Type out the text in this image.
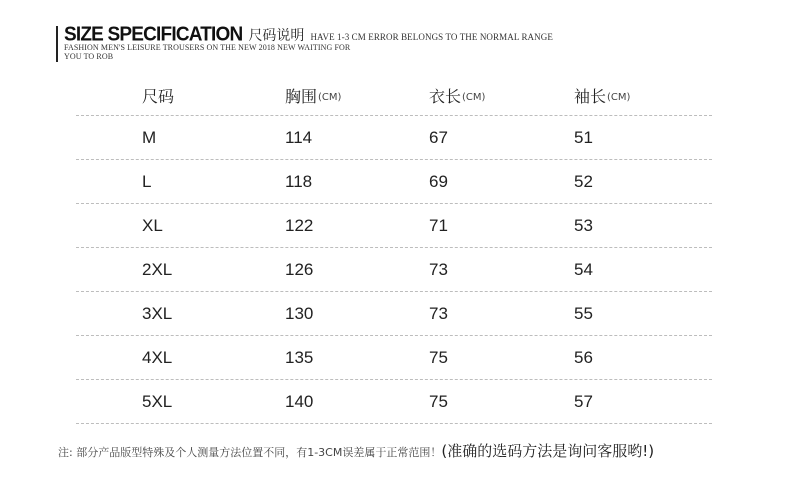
SIZE SPECIFICATION 尺码说明 HAVE 1-3 CM ERROR BELONGS TO THE NORMAL RANGE
FASHION MEN'S LEISURE TROUSERS ON THE NEW 2018 NEW WAITING FOR
YOU TO ROB
尺码	胸围 (CM)	衣长 (CM)	袖长 (CM)
M	114	67	51
L	118	69	52
XL	122	71	53
2XL	126	73	54
3XL	130	73	55
4XL	135	75	56
5XL	140	75	57
注: 部分产品版型特殊及个人测量方法位置不同，有1-3CM误差属于正常范围！(准确的选码方法是询问客服哟!)
